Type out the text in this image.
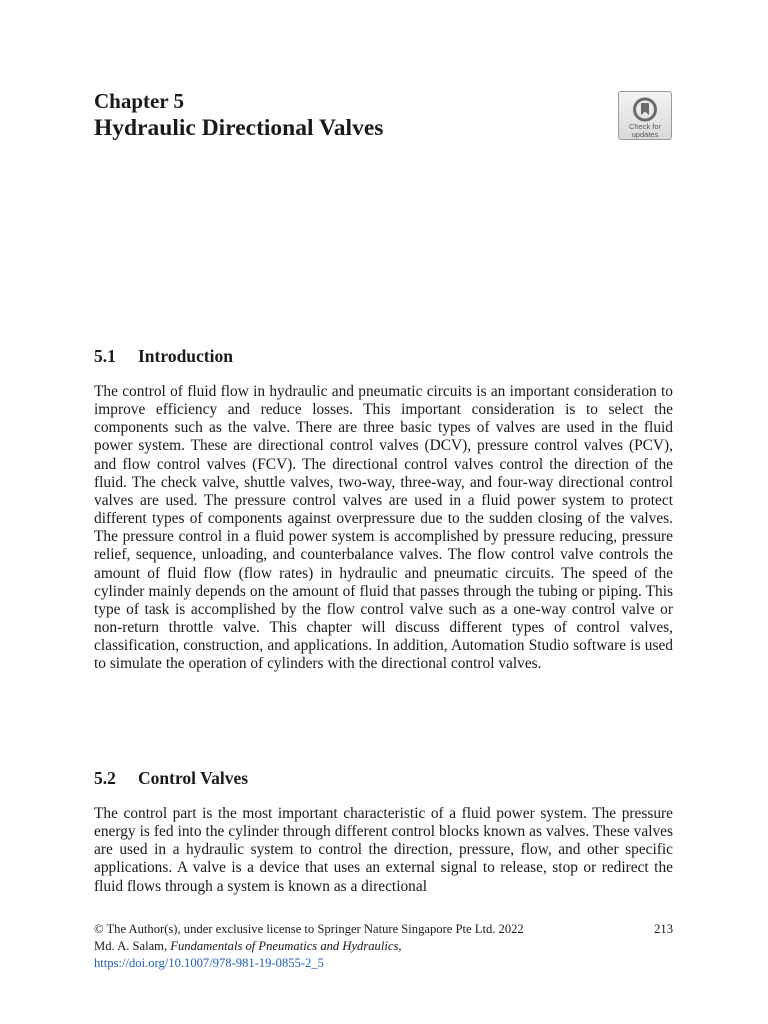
Chapter 5
Hydraulic Directional Valves	Check for
updates
5.1 Introduction

The control of fluid flow in hydraulic and pneumatic circuits is an important consideration to improve efficiency and reduce losses. This important consideration is to select the components such as the valve. There are three basic types of valves are used in the fluid power system. These are directional control valves (DCV), pressure control valves (PCV), and flow control valves (FCV). The directional control valves control the direction of the fluid. The check valve, shuttle valves, two-way, three-way, and four-way directional control valves are used. The pressure control valves are used in a fluid power system to protect different types of components against overpressure due to the sudden closing of the valves. The pressure control in a fluid power system is accomplished by pressure reducing, pressure relief, sequence, unloading, and counterbalance valves. The flow control valve controls the amount of fluid flow (flow rates) in hydraulic and pneumatic circuits. The speed of the cylinder mainly depends on the amount of fluid that passes through the tubing or piping. This type of task is accomplished by the flow control valve such as a one-way control valve or non-return throttle valve. This chapter will discuss different types of control valves, classification, construction, and applications. In addition, Automation Studio software is used to simulate the operation of cylinders with the directional control valves.

5.2 Control Valves

The control part is the most important characteristic of a fluid power system. The pressure energy is fed into the cylinder through different control blocks known as valves. These valves are used in a hydraulic system to control the direction, pressure, flow, and other specific applications. A valve is a device that uses an external signal to release, stop or redirect the fluid flows through a system is known as a directional

213
© The Author(s), under exclusive license to Springer Nature Singapore Pte Ltd. 2022
Md. A. Salam, Fundamentals of Pneumatics and Hydraulics,
https://doi.org/10.1007/978-981-19-0855-2_5
